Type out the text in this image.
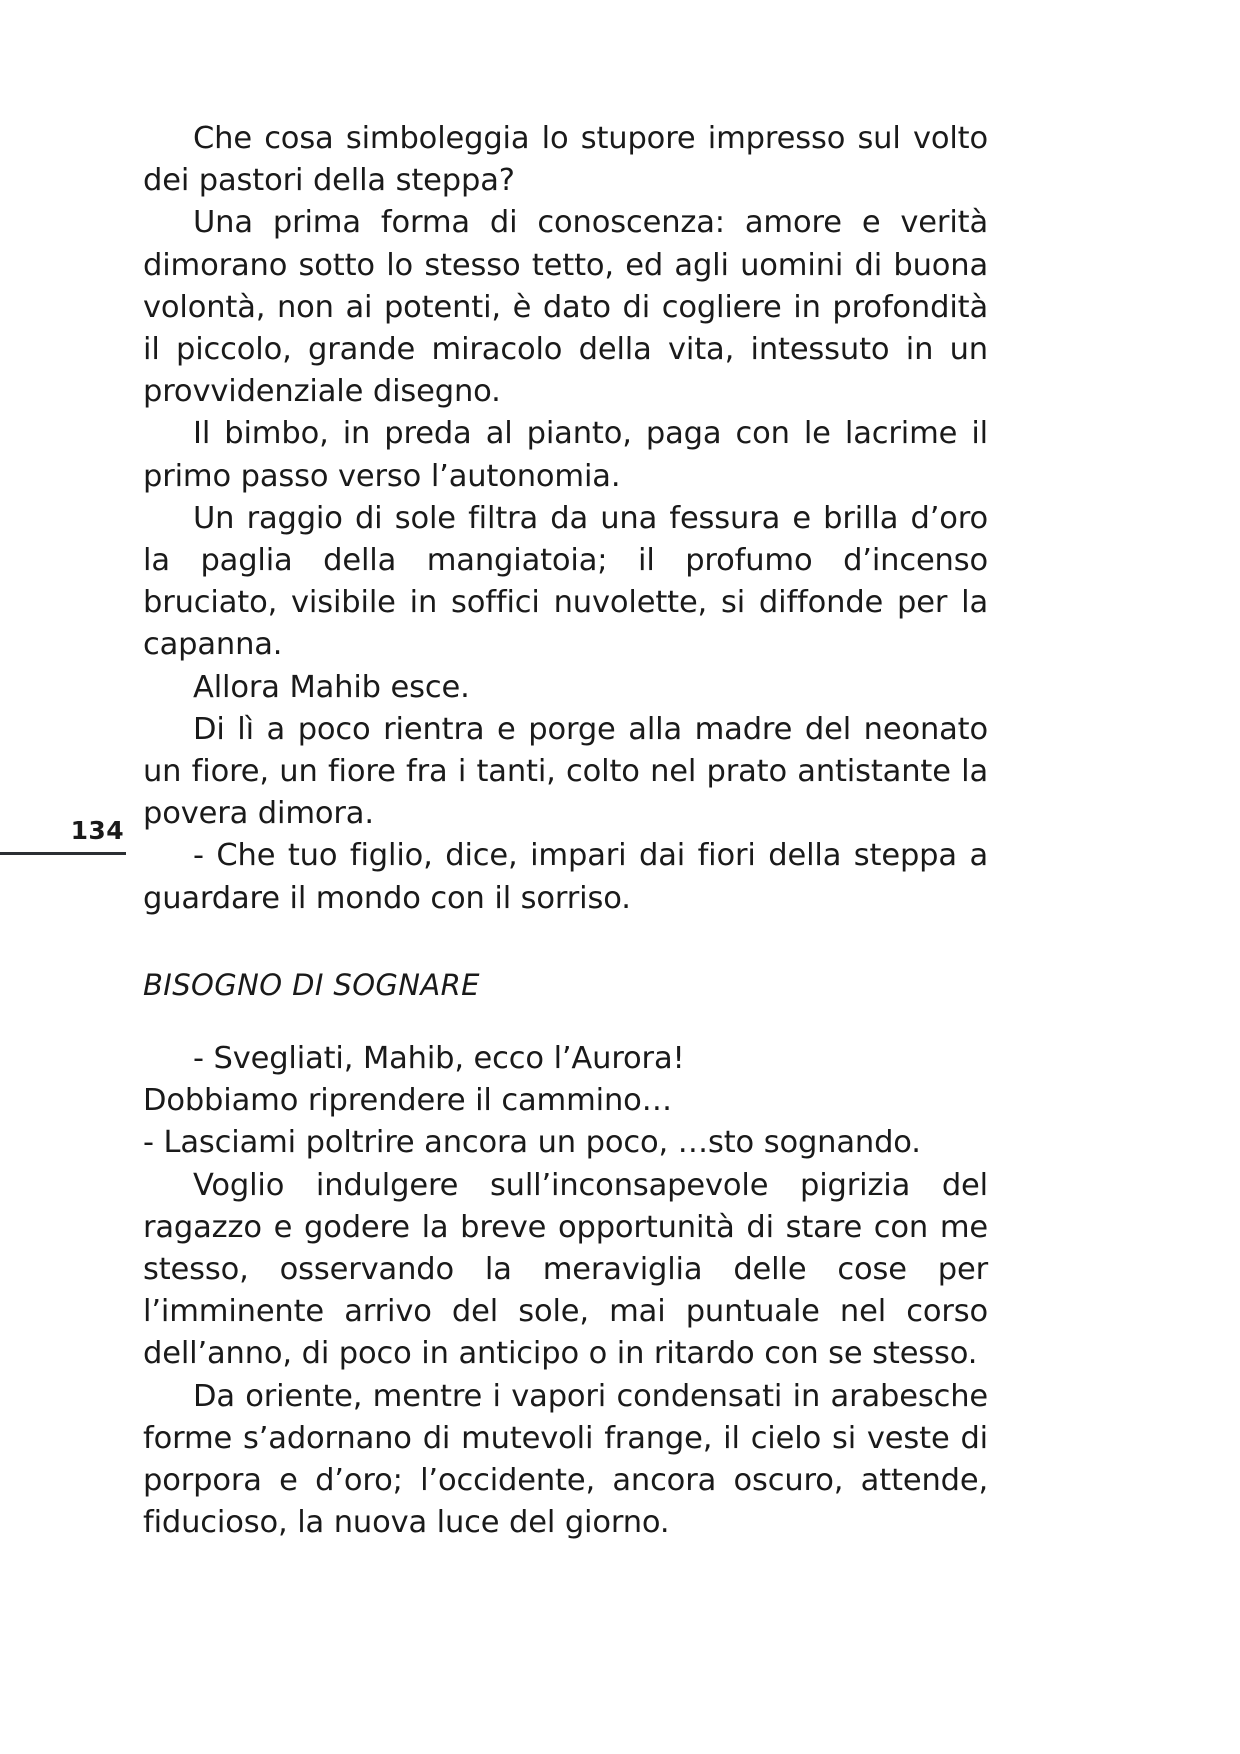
Che cosa simboleggia lo stupore impresso sul volto dei pastori della steppa?

Una prima forma di conoscenza: amore e verità dimorano sotto lo stesso tetto, ed agli uomini di buona volontà, non ai potenti, è dato di cogliere in profondità il piccolo, grande miracolo della vita, intessuto in un provvidenziale disegno.

Il bimbo, in preda al pianto, paga con le lacrime il primo passo verso l’autonomia.

Un raggio di sole filtra da una fessura e brilla d’oro la paglia della mangiatoia; il profumo d’incenso bruciato, visibile in soffici nuvolette, si diffonde per la capanna.

Allora Mahib esce.

Di lì a poco rientra e porge alla madre del neonato un fiore, un fiore fra i tanti, colto nel prato antistante la povera dimora.

- Che tuo figlio, dice, impari dai fiori della steppa a guardare il mondo con il sorriso.

134
BISOGNO DI SOGNARE

- Svegliati, Mahib, ecco l’Aurora!

Dobbiamo riprendere il cammino…

- Lasciami poltrire ancora un poco, …sto sognando.

Voglio indulgere sull’inconsapevole pigrizia del ragazzo e godere la breve opportunità di stare con me stesso, osservando la meraviglia delle cose per l’imminente arrivo del sole, mai puntuale nel corso dell’anno, di poco in anticipo o in ritardo con se stesso.

Da oriente, mentre i vapori condensati in arabesche forme s’adornano di mutevoli frange, il cielo si veste di porpora e d’oro; l’occidente, ancora oscuro, attende, fiducioso, la nuova luce del giorno.
